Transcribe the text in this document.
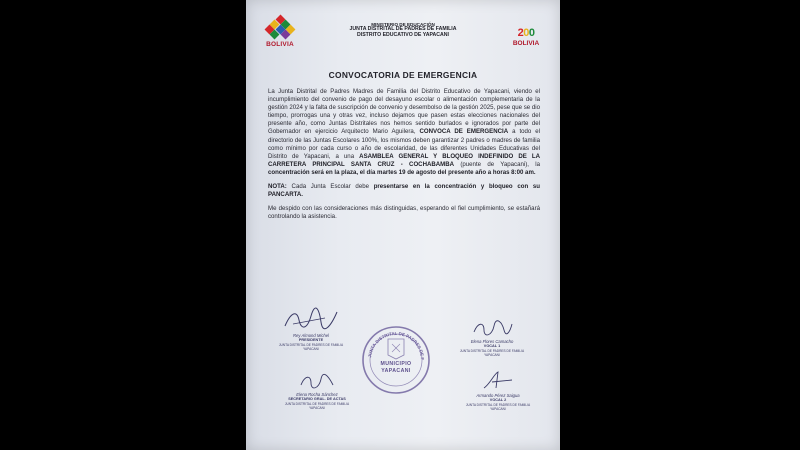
BOLIVIA
MINISTERIO DE EDUCACIÓN
JUNTA DISTRITAL DE PADRES DE FAMILIA
DISTRITO EDUCATIVO DE YAPACANI	200
BOLIVIA
CONVOCATORIA DE EMERGENCIA

La Junta Distrital de Padres Madres de Familia del Distrito Educativo de Yapacani, viendo el incumplimiento del convenio de pago del desayuno escolar o alimentación complementaria de la gestión 2024 y la falta de suscripción de convenio y desembolso de la gestión 2025, pese que se dio tiempo, prorrogas una y otras vez, incluso dejamos que pasen estas elecciones nacionales del presente año, como Juntas Distritales nos hemos sentido burlados e ignorados por parte del Gobernador en ejercicio Arquitecto Mario Aguilera, CONVOCA DE EMERGENCIA a todo el directorio de las Juntas Escolares 100%, los mismos deben garantizar 2 padres o madres de familia como mínimo por cada curso o año de escolaridad, de las diferentes Unidades Educativas del Distrito de Yapacani, a una ASAMBLEA GENERAL Y BLOQUEO INDEFINIDO DE LA CARRETERA PRINCIPAL SANTA CRUZ - COCHABAMBA (puente de Yapacani), la concentración será en la plaza, el día martes 19 de agosto del presente año a horas 8:00 am.

NOTA: Cada Junta Escolar debe presentarse en la concentración y bloqueo con su PANCARTA.

Me despido con las consideraciones más distinguidas, esperando el fiel cumplimiento, se estañará controlando la asistencia.

Rey Almond Michel
PRESIDENTE
JUNTA DISTRITAL DE PADRES DE FAMILIA
YAPACANI
Elena Flores Camacho
VOCAL 1
JUNTA DISTRITAL DE PADRES DE FAMILIA
YAPACANI
JUNTA DISTRITAL DE PADRES DE F
MUNICIPIO
YAPACANI
Elena Rocha Sánchez
SECRETARIO GRAL. DE ACTAS
JUNTA DISTRITAL DE PADRES DE FAMILIA
YAPACANI
Armando Pérez Saigua
VOCAL 2
JUNTA DISTRITAL DE PADRES DE FAMILIA
YAPACANI
